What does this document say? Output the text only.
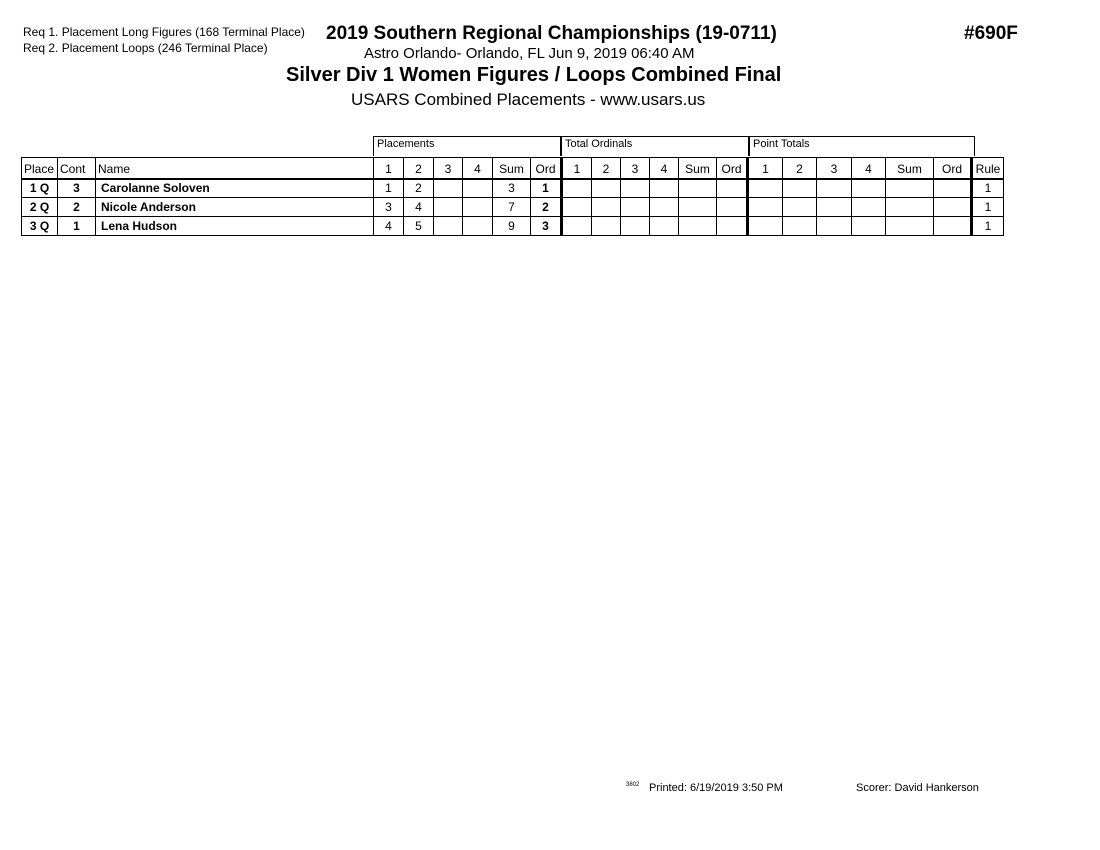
Req 1. Placement Long Figures (168 Terminal Place)
Req 2. Placement Loops (246 Terminal Place)
2019 Southern Regional Championships (19-0711)	#690F
Astro Orlando- Orlando, FL Jun 9, 2019 06:40 AM
Silver Div 1 Women Figures / Loops Combined Final
USARS Combined Placements - www.usars.us
Placements	Total Ordinals	Point Totals
Place	Cont	Name	1	2	3	4	Sum	Ord	1	2	3	4	Sum	Ord	1	2	3	4	Sum	Ord	Rule
1 Q	3	Carolanne Soloven	1	2			3	1													1
2 Q	2	Nicole Anderson	3	4			7	2													1
3 Q	1	Lena Hudson	4	5			9	3													1
3802 Printed: 6/19/2019 3:50 PM	Scorer: David Hankerson
